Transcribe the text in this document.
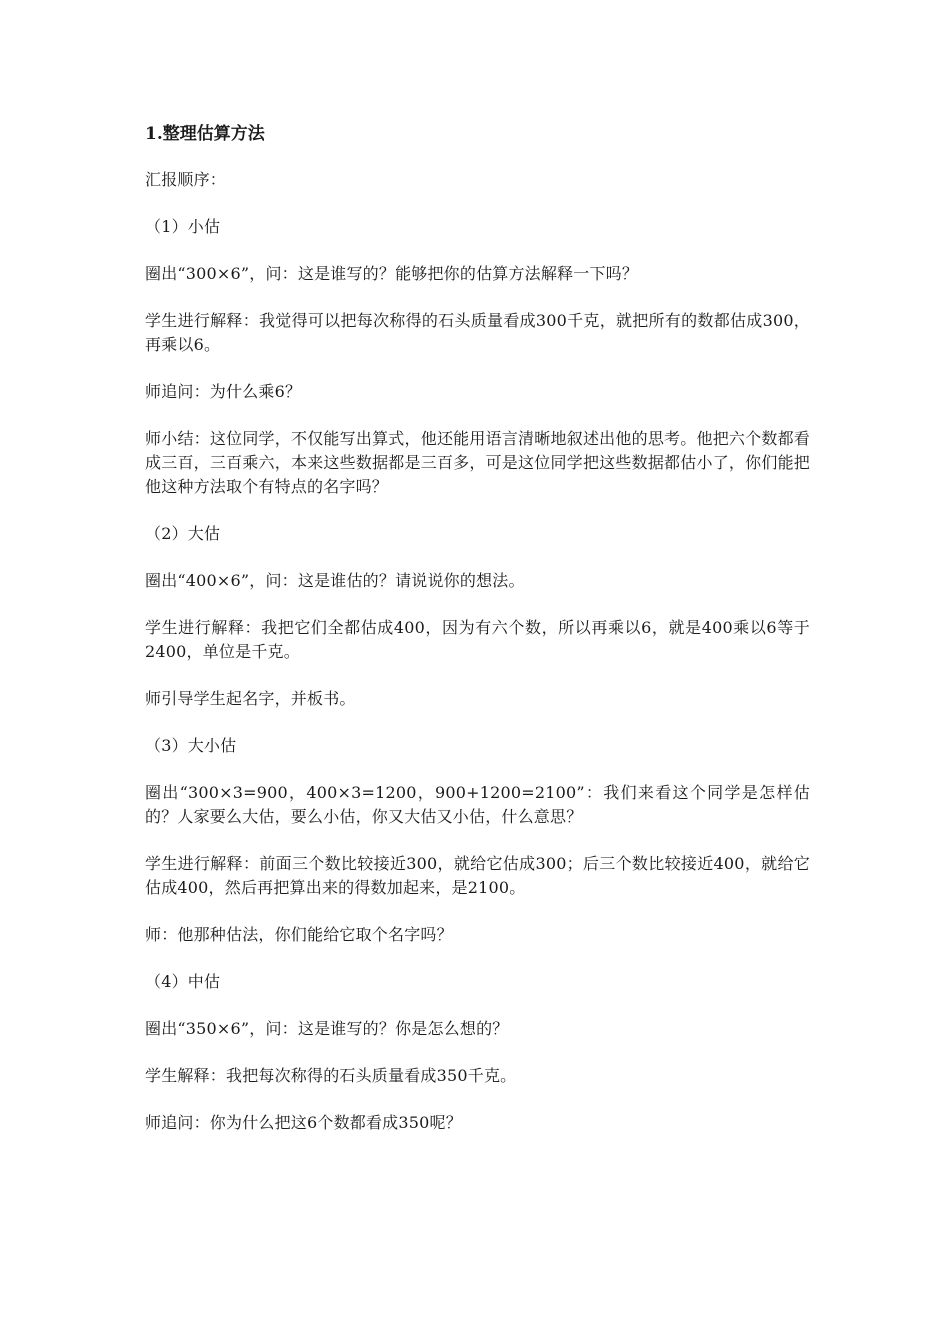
1.整理估算方法
汇报顺序：
（1）小估
圈出“300×6”，问：这是谁写的？能够把你的估算方法解释一下吗？
学生进行解释：我觉得可以把每次称得的石头质量看成300千克，就把所有的数都估成300，再乘以6。
师追问：为什么乘6？
师小结：这位同学，不仅能写出算式，他还能用语言清晰地叙述出他的思考。他把六个数都看成三百，三百乘六，本来这些数据都是三百多，可是这位同学把这些数据都估小了，你们能把他这种方法取个有特点的名字吗？
（2）大估
圈出“400×6”，问：这是谁估的？请说说你的想法。
学生进行解释：我把它们全都估成400，因为有六个数，所以再乘以6，就是400乘以6等于2400，单位是千克。
师引导学生起名字，并板书。
（3）大小估
圈出“300×3=900，400×3=1200，900+1200=2100”：我们来看这个同学是怎样估的？人家要么大估，要么小估，你又大估又小估，什么意思？
学生进行解释：前面三个数比较接近300，就给它估成300；后三个数比较接近400，就给它估成400，然后再把算出来的得数加起来，是2100。
师：他那种估法，你们能给它取个名字吗？
（4）中估
圈出“350×6”，问：这是谁写的？你是怎么想的？
学生解释：我把每次称得的石头质量看成350千克。
师追问：你为什么把这6个数都看成350呢？
